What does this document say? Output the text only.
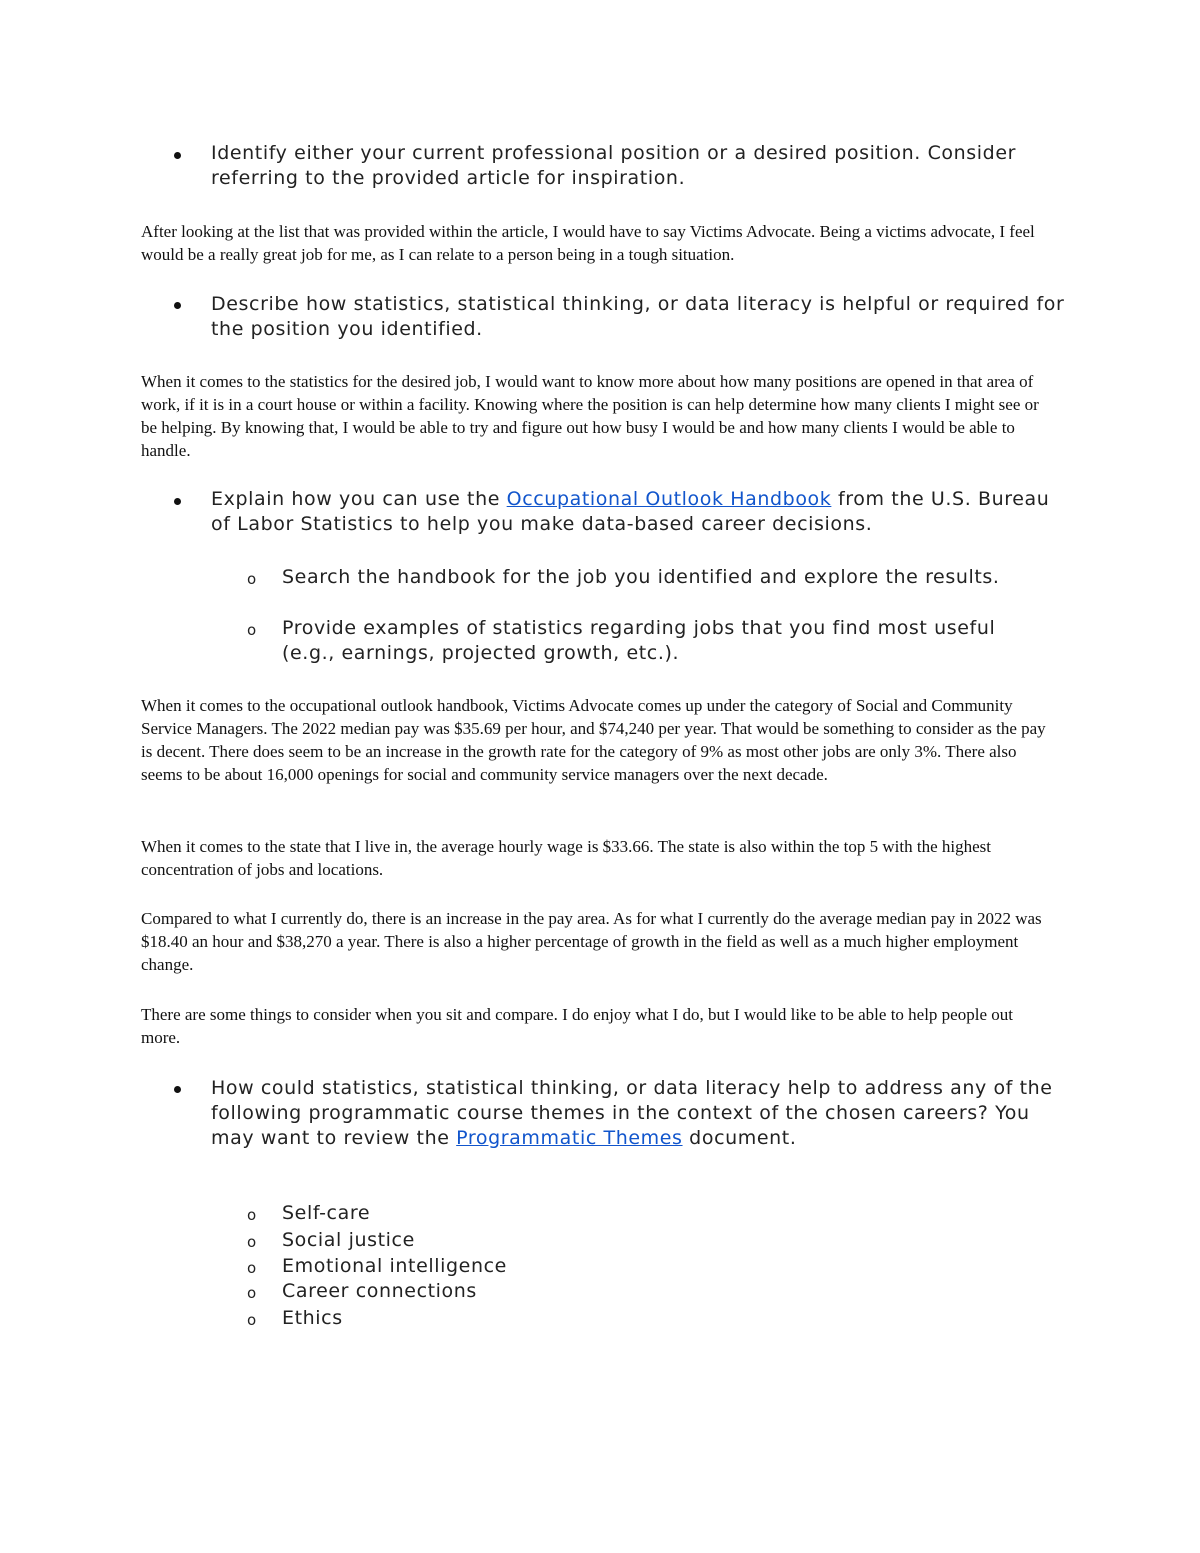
Identify either your current professional position or a desired position. Consider referring to the provided article for inspiration.
After looking at the list that was provided within the article, I would have to say Victims Advocate. Being a victims advocate, I feel would be a really great job for me, as I can relate to a person being in a tough situation.
Describe how statistics, statistical thinking, or data literacy is helpful or required for the position you identified.
When it comes to the statistics for the desired job, I would want to know more about how many positions are opened in that area of work, if it is in a court house or within a facility. Knowing where the position is can help determine how many clients I might see or be helping. By knowing that, I would be able to try and figure out how busy I would be and how many clients I would be able to handle.
Explain how you can use the Occupational Outlook Handbook from the U.S. Bureau of Labor Statistics to help you make data-based career decisions.
o Search the handbook for the job you identified and explore the results.
o Provide examples of statistics regarding jobs that you find most useful (e.g., earnings, projected growth, etc.).
When it comes to the occupational outlook handbook, Victims Advocate comes up under the category of Social and Community Service Managers. The 2022 median pay was $35.69 per hour, and $74,240 per year. That would be something to consider as the pay is decent. There does seem to be an increase in the growth rate for the category of 9% as most other jobs are only 3%. There also seems to be about 16,000 openings for social and community service managers over the next decade.
When it comes to the state that I live in, the average hourly wage is $33.66. The state is also within the top 5 with the highest concentration of jobs and locations.
Compared to what I currently do, there is an increase in the pay area. As for what I currently do the average median pay in 2022 was $18.40 an hour and $38,270 a year. There is also a higher percentage of growth in the field as well as a much higher employment change.
There are some things to consider when you sit and compare. I do enjoy what I do, but I would like to be able to help people out more.
How could statistics, statistical thinking, or data literacy help to address any of the following programmatic course themes in the context of the chosen careers? You may want to review the Programmatic Themes document.
o Self-care
o Social justice
o Emotional intelligence
o Career connections
o Ethics
